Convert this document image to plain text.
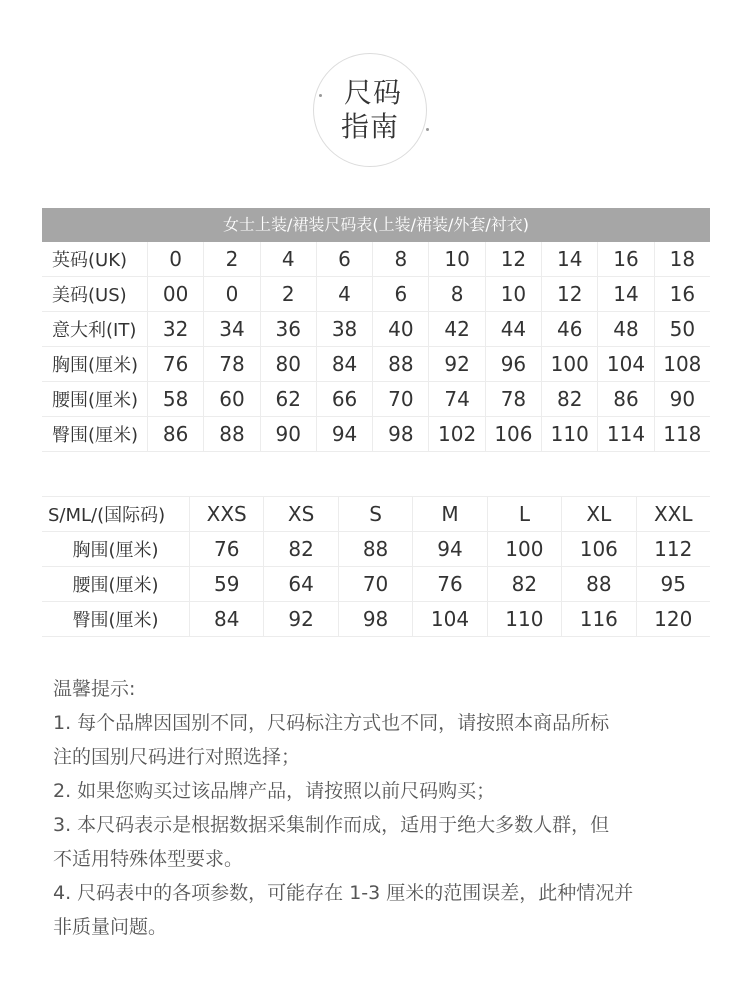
尺码
指南
女士上装/裙装尺码表(上装/裙装/外套/衬衣)
英码(UK)	0	2	4	6	8	10	12	14	16	18
美码(US)	00	0	2	4	6	8	10	12	14	16
意大利(IT)	32	34	36	38	40	42	44	46	48	50
胸围(厘米)	76	78	80	84	88	92	96	100 104 108
腰围(厘米)	58	60	62	66	70	74	78	82	86	90
臀围(厘米)	86	88	90	94	98	102 106 110 114 118
S/ML/(国际码)	XXS	XS	S	M	L	XL	XXL
胸围(厘米)	76	82	88	94	100	106	112
腰围(厘米)	59	64	70	76	82	88	95
臀围(厘米)	84	92	98	104	110	116	120

温馨提示:

1. 每个品牌因国别不同，尺码标注方式也不同，请按照本商品所标

注的国别尺码进行对照选择；

2. 如果您购买过该品牌产品，请按照以前尺码购买；

3. 本尺码表示是根据数据采集制作而成，适用于绝大多数人群，但

不适用特殊体型要求。

4. 尺码表中的各项参数，可能存在 1-3 厘米的范围误差，此种情况并

非质量问题。
